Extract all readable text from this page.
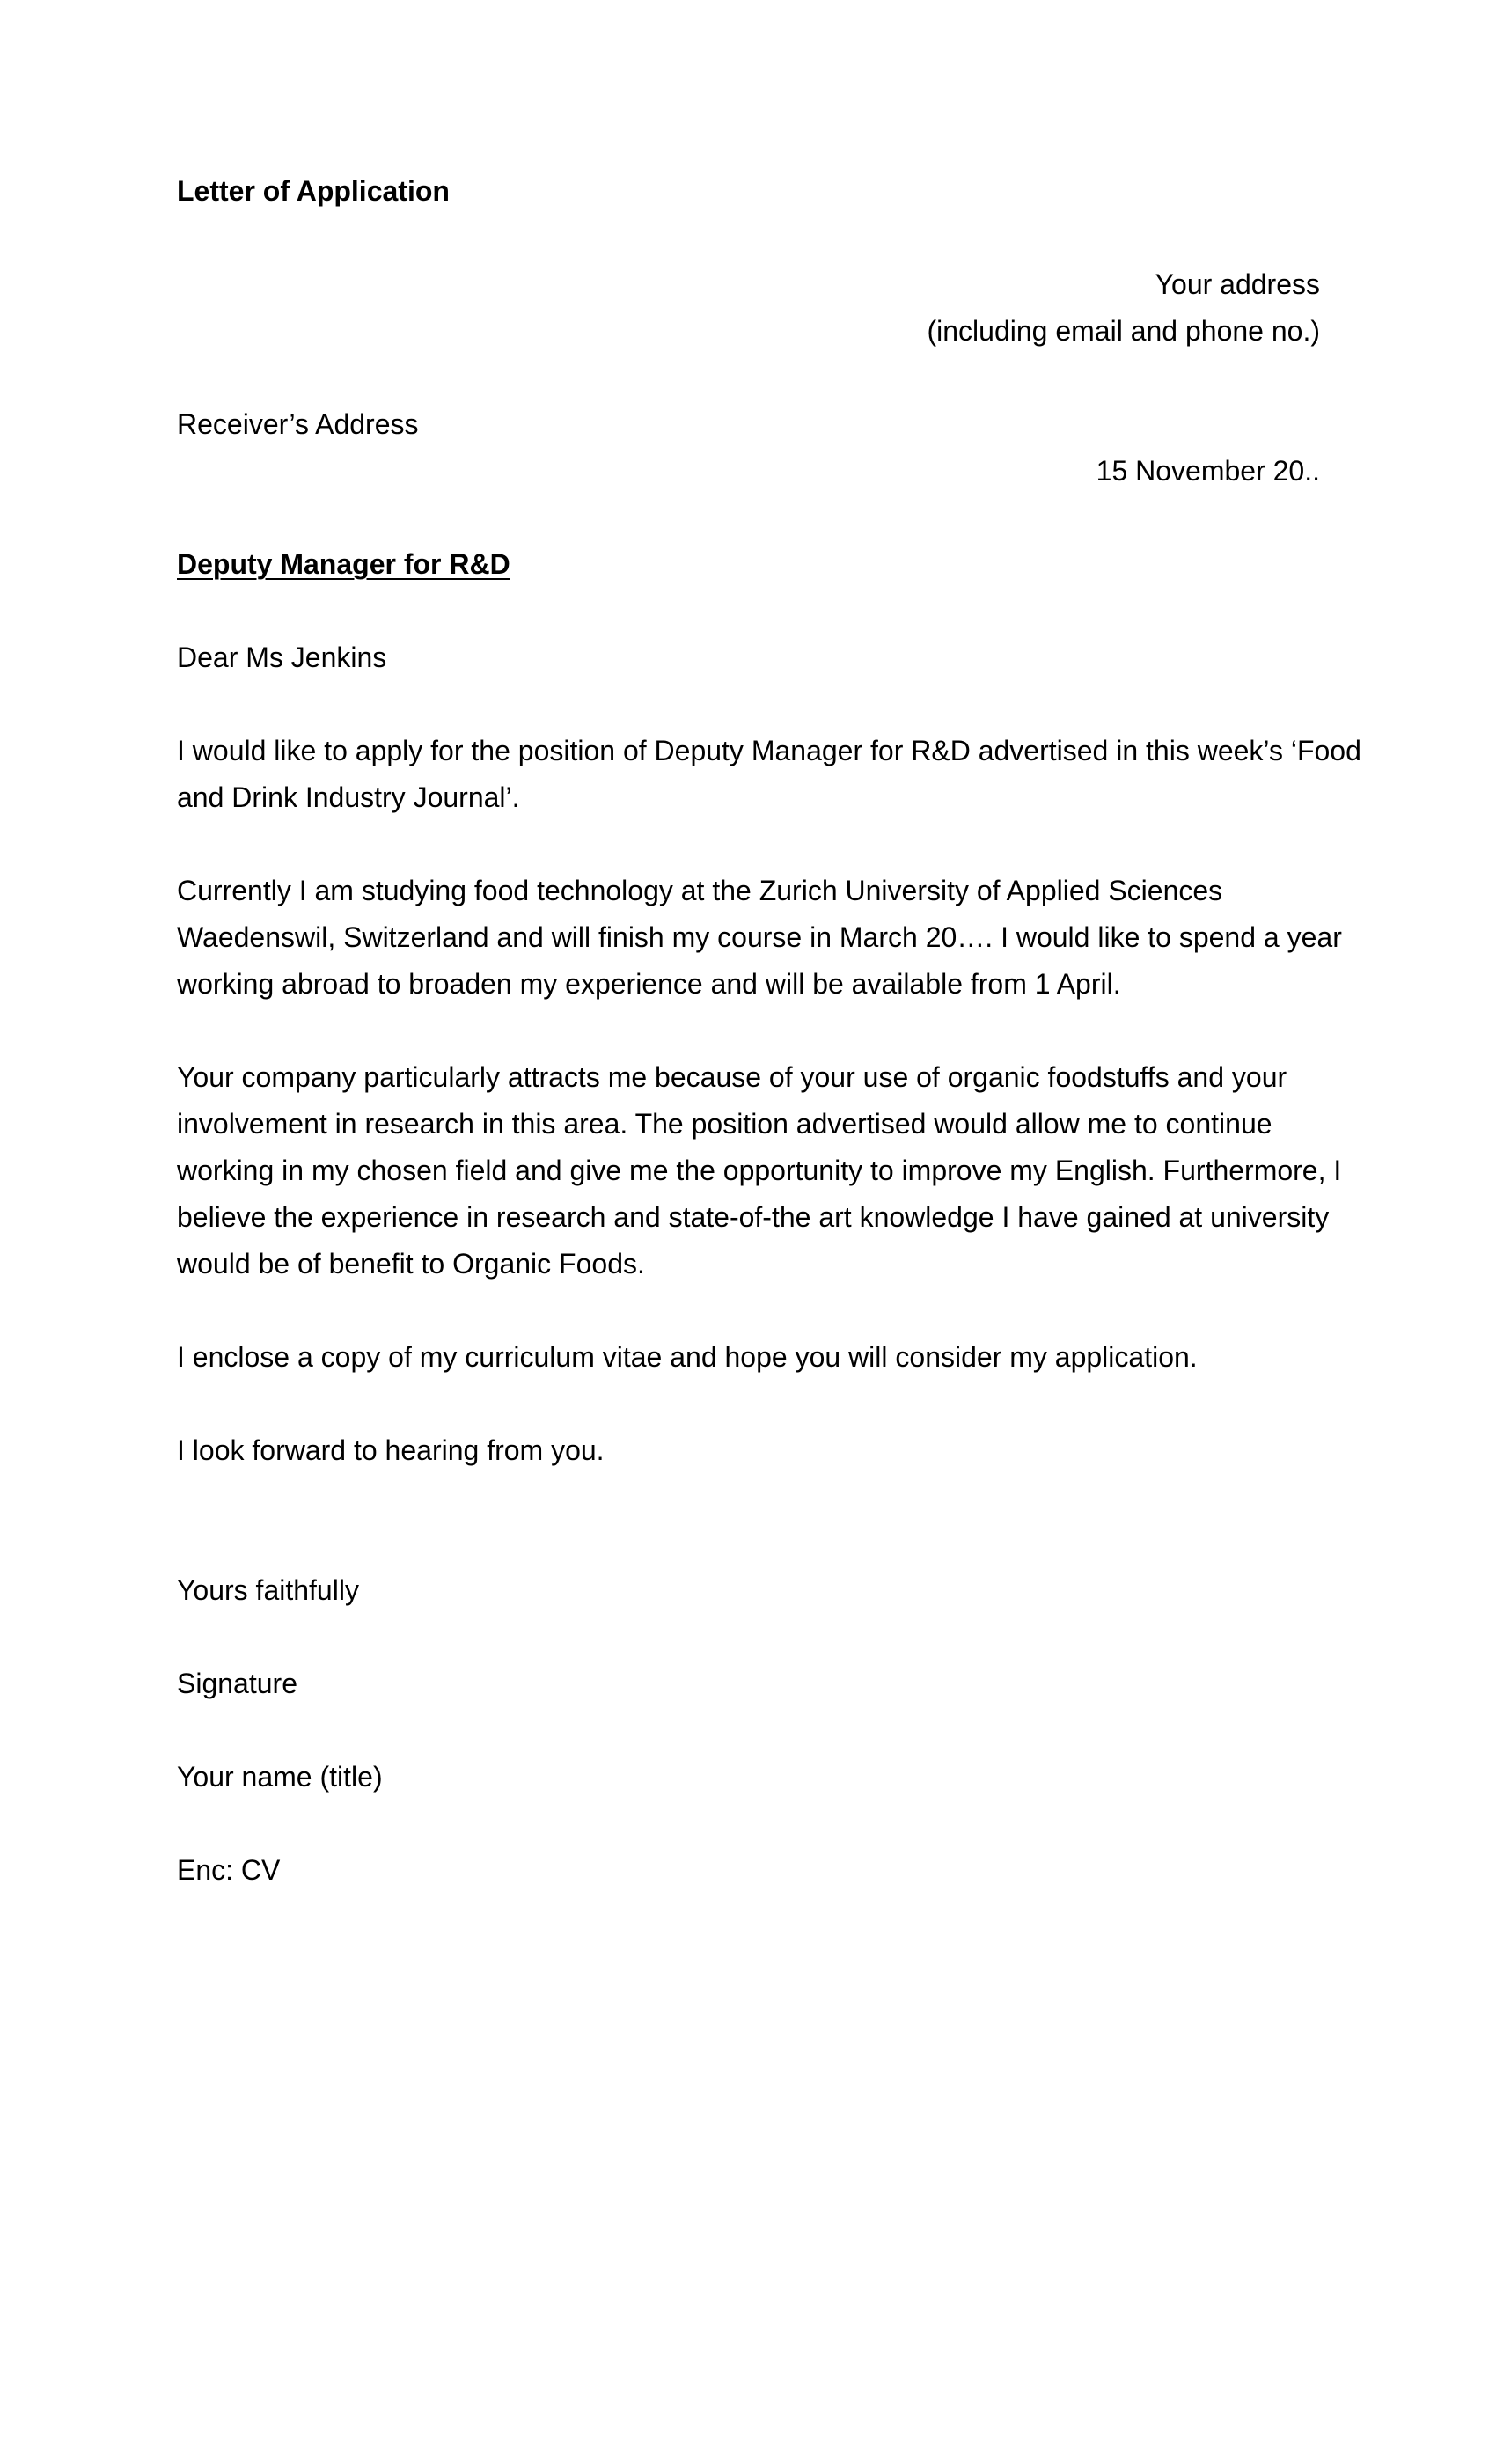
Letter of Application
Your address
(including email and phone no.)
Receiver’s Address
15 November 20..
Deputy Manager for R&D
Dear Ms Jenkins
I would like to apply for the position of Deputy Manager for R&D advertised in this week’s ‘Food
and Drink Industry Journal’.
Currently I am studying food technology at the Zurich University of Applied Sciences
Waedenswil, Switzerland and will finish my course in March 20…. I would like to spend a year
working abroad to broaden my experience and will be available from 1 April.
Your company particularly attracts me because of your use of organic foodstuffs and your
involvement in research in this area. The position advertised would allow me to continue
working in my chosen field and give me the opportunity to improve my English. Furthermore, I
believe the experience in research and state-of-the art knowledge I have gained at university
would be of benefit to Organic Foods.
I enclose a copy of my curriculum vitae and hope you will consider my application.
I look forward to hearing from you.
Yours faithfully
Signature
Your name (title)
Enc: CV
